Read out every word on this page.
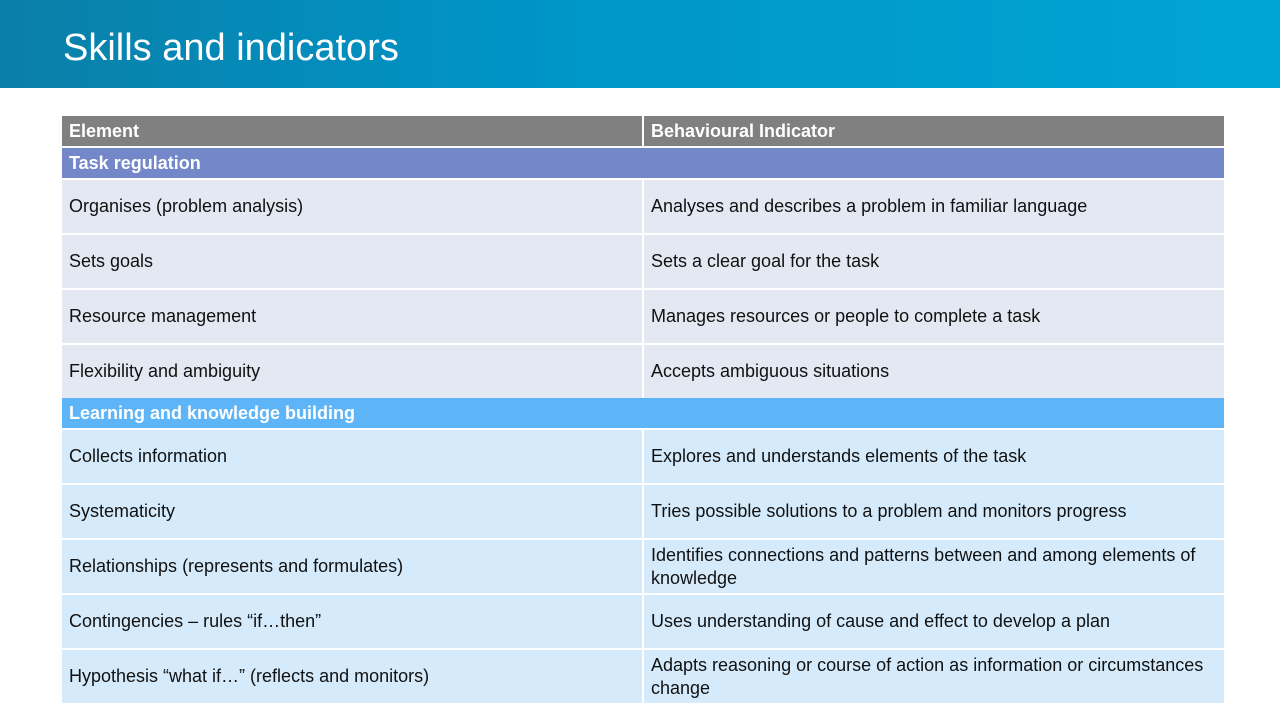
Skills and indicators
Element	Behavioural Indicator
Task regulation	
Organises (problem analysis)	Analyses and describes a problem in familiar language
Sets goals	Sets a clear goal for the task
Resource management	Manages resources or people to complete a task
Flexibility and ambiguity	Accepts ambiguous situations
Learning and knowledge building	
Collects information	Explores and understands elements of the task
Systematicity	Tries possible solutions to a problem and monitors progress
Relationships (represents and formulates)	Identifies connections and patterns between and among elements of knowledge
Contingencies – rules “if…then”	Uses understanding of cause and effect to develop a plan
Hypothesis “what if…” (reflects and monitors)	Adapts reasoning or course of action as information or circumstances change
